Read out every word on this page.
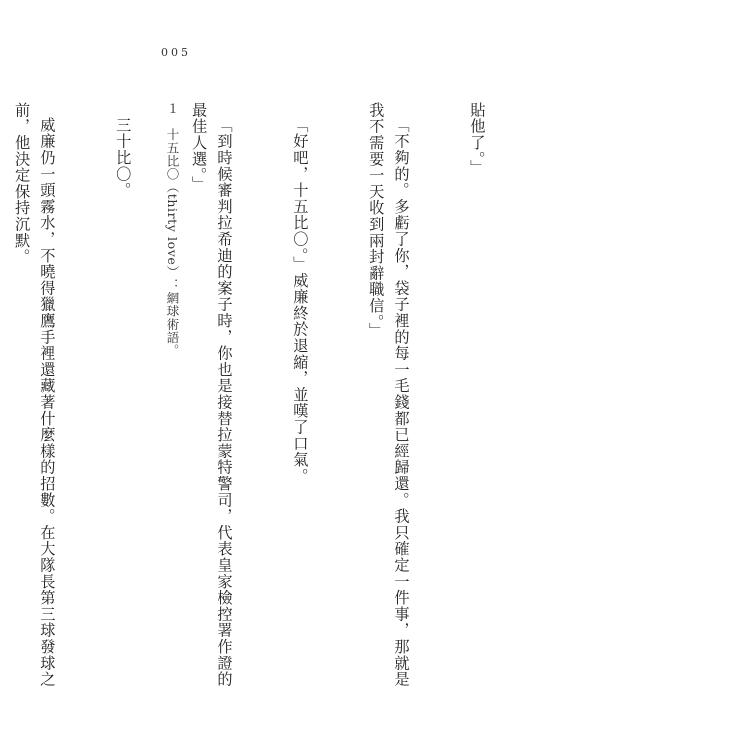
005

貼他了。」

「不夠的。多虧了你，袋子裡的每一毛錢都已經歸還。我只確定一件事，那就是我不需要一天收到兩封辭職信。」

「好吧，十五比〇。」威廉終於退縮，並嘆了口氣。

「到時候審判拉希迪的案子時，你也是接替拉蒙特警司，代表皇家檢控署作證的最佳人選。」

三十比〇。

威廉仍一頭霧水，不曉得獵鷹手裡還藏著什麼樣的招數。在大隊長第三球發球之前，他決定保持沉默。

	１　十五比〇（thirty love）：網球術語。
